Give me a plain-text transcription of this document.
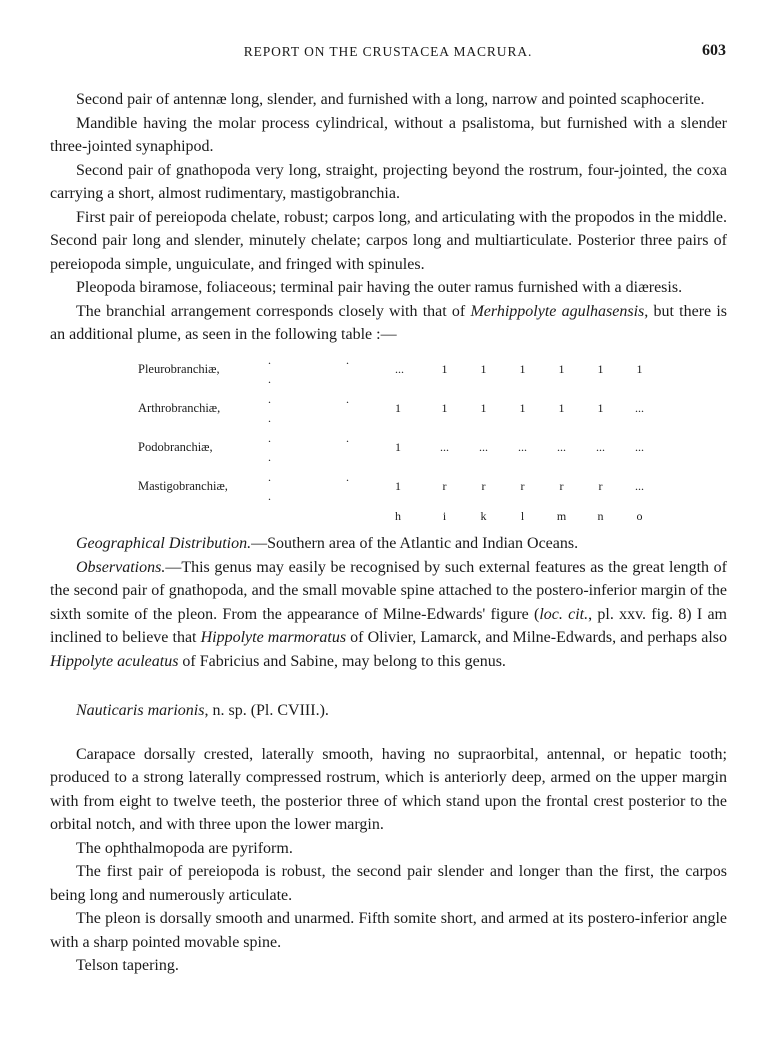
REPORT ON THE CRUSTACEA MACRURA.	603

Second pair of antennæ long, slender, and furnished with a long, narrow and pointed scaphocerite.

Mandible having the molar process cylindrical, without a psalistoma, but furnished with a slender three-jointed synaphipod.

Second pair of gnathopoda very long, straight, projecting beyond the rostrum, four-jointed, the coxa carrying a short, almost rudimentary, mastigobranchia.

First pair of pereiopoda chelate, robust; carpos long, and articulating with the propodos in the middle. Second pair long and slender, minutely chelate; carpos long and multiarticulate. Posterior three pairs of pereiopoda simple, unguiculate, and fringed with spinules.

Pleopoda biramose, foliaceous; terminal pair having the outer ramus furnished with a diæresis.

The branchial arrangement corresponds closely with that of Merhippolyte agulhasensis, but there is an additional plume, as seen in the following table :—

Pleurobranchiæ,	. . .	...	1	1	1	1	1	1
Arthrobranchiæ,	. . .	1	1	1	1	1	1	...
Podobranchiæ,	. . .	1	...	...	...	...	...	...
Mastigobranchiæ,	. . .	1	r	r	r	r	r	...
		h	i	k	l	m	n	o

Geographical Distribution.—Southern area of the Atlantic and Indian Oceans.

Observations.—This genus may easily be recognised by such external features as the great length of the second pair of gnathopoda, and the small movable spine attached to the postero-inferior margin of the sixth somite of the pleon. From the appearance of Milne-Edwards' figure (loc. cit., pl. xxv. fig. 8) I am inclined to believe that Hippolyte marmoratus of Olivier, Lamarck, and Milne-Edwards, and perhaps also Hippolyte aculeatus of Fabricius and Sabine, may belong to this genus.

Nauticaris marionis, n. sp. (Pl. CVIII.).

Carapace dorsally crested, laterally smooth, having no supraorbital, antennal, or hepatic tooth; produced to a strong laterally compressed rostrum, which is anteriorly deep, armed on the upper margin with from eight to twelve teeth, the posterior three of which stand upon the frontal crest posterior to the orbital notch, and with three upon the lower margin.

The ophthalmopoda are pyriform.

The first pair of pereiopoda is robust, the second pair slender and longer than the first, the carpos being long and numerously articulate.

The pleon is dorsally smooth and unarmed. Fifth somite short, and armed at its postero-inferior angle with a sharp pointed movable spine.

Telson tapering.
